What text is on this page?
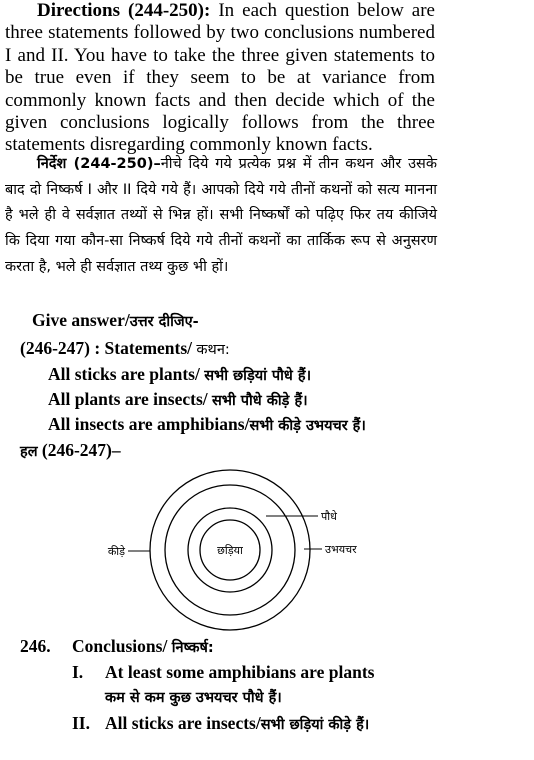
Directions (244-250): In each question below are three statements followed by two conclusions numbered I and II. You have to take the three given statements to be true even if they seem to be at variance from commonly known facts and then decide which of the given conclusions logically follows from the three statements disregarding commonly known facts.

निर्देश (244-250)–नीचे दिये गये प्रत्येक प्रश्न में तीन कथन और उसके बाद दो निष्कर्ष I और II दिये गये हैं। आपको दिये गये तीनों कथनों को सत्य मानना है भले ही वे सर्वज्ञात तथ्यों से भिन्न हों। सभी निष्कर्षों को पढ़िए फिर तय कीजिये कि दिया गया कौन-सा निष्कर्ष दिये गये तीनों कथनों का तार्किक रूप से अनुसरण करता है, भले ही सर्वज्ञात तथ्य कुछ भी हों।

Give answer/उत्तर दीजिए-
(246-247) : Statements/ कथन:
All sticks are plants/ सभी छड़ियां पौधे हैं।
All plants are insects/ सभी पौधे कीड़े हैं।
All insects are amphibians/सभी कीड़े उभयचर हैं।
हल (246-247)–
छड़िया
पौधे
उभयचर
कीड़े
246. Conclusions/ निष्कर्ष:
I. At least some amphibians are plants
कम से कम कुछ उभयचर पौधे हैं।
II. All sticks are insects/सभी छड़ियां कीड़े हैं।
